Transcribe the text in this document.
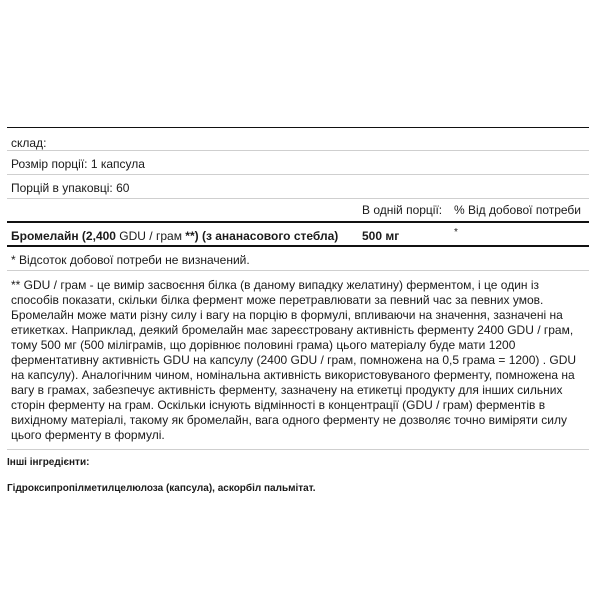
склад:
Розмір порції: 1 капсула
Порцій в упаковці: 60
В одній порції: % Від добової потреби
Бромелайн (2,400 GDU / грам **) (з ананасового стебла) 500 мг	*
* Відсоток добової потреби не визначений.
** GDU / грам - це вимір засвоєння білка (в даному випадку желатину) ферментом, і це один із способів показати, скільки білка фермент може перетравлювати за певний час за певних умов. Бромелайн може мати різну силу і вагу на порцію в формулі, впливаючи на значення, зазначені на етикетках. Наприклад, деякий бромелайн має зареєстровану активність ферменту 2400 GDU / грам, тому 500 мг (500 міліграмів, що дорівнює половині грама) цього матеріалу буде мати 1200 ферментативну активність GDU на капсулу (2400 GDU / грам, помножена на 0,5 грама = 1200) . GDU на капсулу). Аналогічним чином, номінальна активність використовуваного ферменту, помножена на вагу в грамах, забезпечує активність ферменту, зазначену на етикетці продукту для інших сильних сторін ферменту на грам. Оскільки існують відмінності в концентрації (GDU / грам) ферментів в вихідному матеріалі, такому як бромелайн, вага одного ферменту не дозволяє точно виміряти силу цього ферменту в формулі.
Інші інгредієнти:
Гідроксипропілметилцелюлоза (капсула), аскорбіл пальмітат.
